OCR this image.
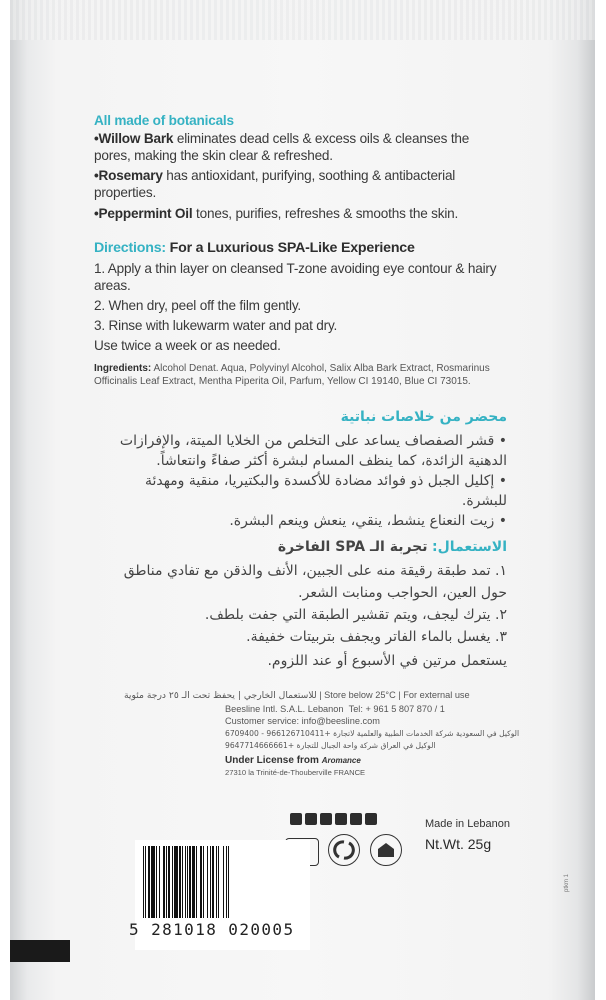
All made of botanicals
•Willow Bark eliminates dead cells & excess oils & cleanses the
pores, making the skin clear & refreshed.
•Rosemary has antioxidant, purifying, soothing & antibacterial
properties.
•Peppermint Oil tones, purifies, refreshes & smooths the skin.
Directions: For a Luxurious SPA-Like Experience
1. Apply a thin layer on cleansed T-zone avoiding eye contour & hairy
areas.
2. When dry, peel off the film gently.
3. Rinse with lukewarm water and pat dry.
Use twice a week or as needed.
Ingredients: Alcohol Denat. Aqua, Polyvinyl Alcohol, Salix Alba Bark Extract, Rosmarinus
Officinalis Leaf Extract, Mentha Piperita Oil, Parfum, Yellow CI 19140, Blue CI 73015.
محضر من خلاصات نباتية
• قشر الصفصاف يساعد على التخلص من الخلايا الميتة، والإفرازات
الدهنية الزائدة، كما ينظف المسام لبشرة أكثر صفاءً وانتعاشاً.
• إكليل الجبل ذو فوائد مضادة للأكسدة والبكتيريا، منقية ومهدئة
للبشرة.
• زيت النعناع ينشط، ينقي، ينعش وينعم البشرة.
الاستعمال: تجربة الـ SPA الفاخرة
١. تمد طبقة رقيقة منه على الجبين، الأنف والذقن مع تفادي مناطق
حول العين، الحواجب ومنابت الشعر.
٢. يترك ليجف، ويتم تقشير الطبقة التي جفت بلطف.
٣. يغسل بالماء الفاتر ويجفف بتربيتات خفيفة.
يستعمل مرتين في الأسبوع أو عند اللزوم.
للاستعمال الخارجي | يحفظ تحت الـ ٢٥ درجة مئوية | Store below 25°C | For external use
Beesline Intl. S.A.L. Lebanon Tel: + 961 5 807 870 / 1
Customer service: info@beesline.com
الوكيل في السعودية شركة الخدمات الطبية والعلمية لاتجارة +966126710411 - 6709400
الوكيل في العراق شركة واحة الجبال للتجارة +9647714666661
Under License from Aromance
27310 la Trinité-de-Thouberville FRANCE
Made in Lebanon
Nt.Wt. 25g
5 281018 020005
ptkm 1
